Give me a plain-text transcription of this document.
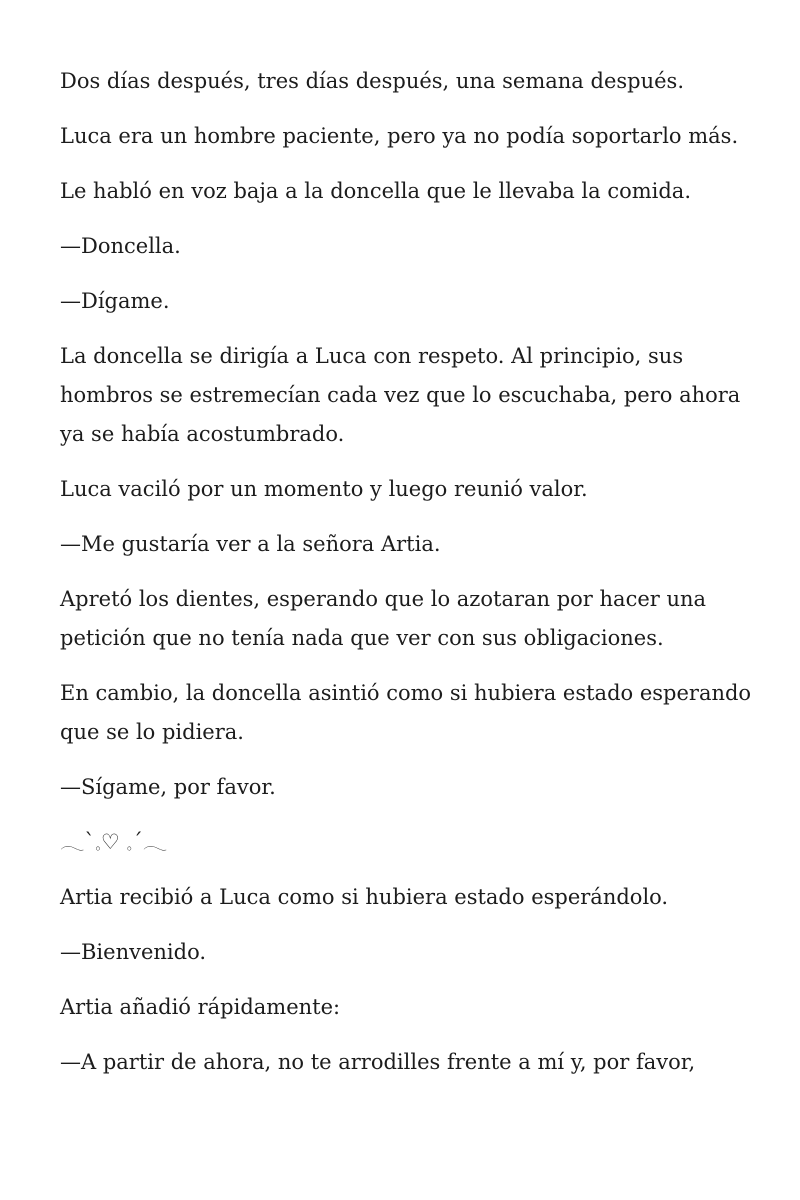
Dos días después, tres días después, una semana después.

Luca era un hombre paciente, pero ya no podía soportarlo más.

Le habló en voz baja a la doncella que le llevaba la comida.

—Doncella.

—Dígame.

La doncella se dirigía a Luca con respeto. Al principio, sus hombros se estremecían cada vez que lo escuchaba, pero ahora ya se había acostumbrado.

Luca vaciló por un momento y luego reunió valor.

—Me gustaría ver a la señora Artia.

Apretó los dientes, esperando que lo azotaran por hacer una petición que no tenía nada que ver con sus obligaciones.

En cambio, la doncella asintió como si hubiera estado esperando que se lo pidiera.

—Sígame, por favor.

𓂃`𓈒♡ 𓈒´𓂃

Artia recibió a Luca como si hubiera estado esperándolo.

—Bienvenido.

Artia añadió rápidamente:

—A partir de ahora, no te arrodilles frente a mí y, por favor,
